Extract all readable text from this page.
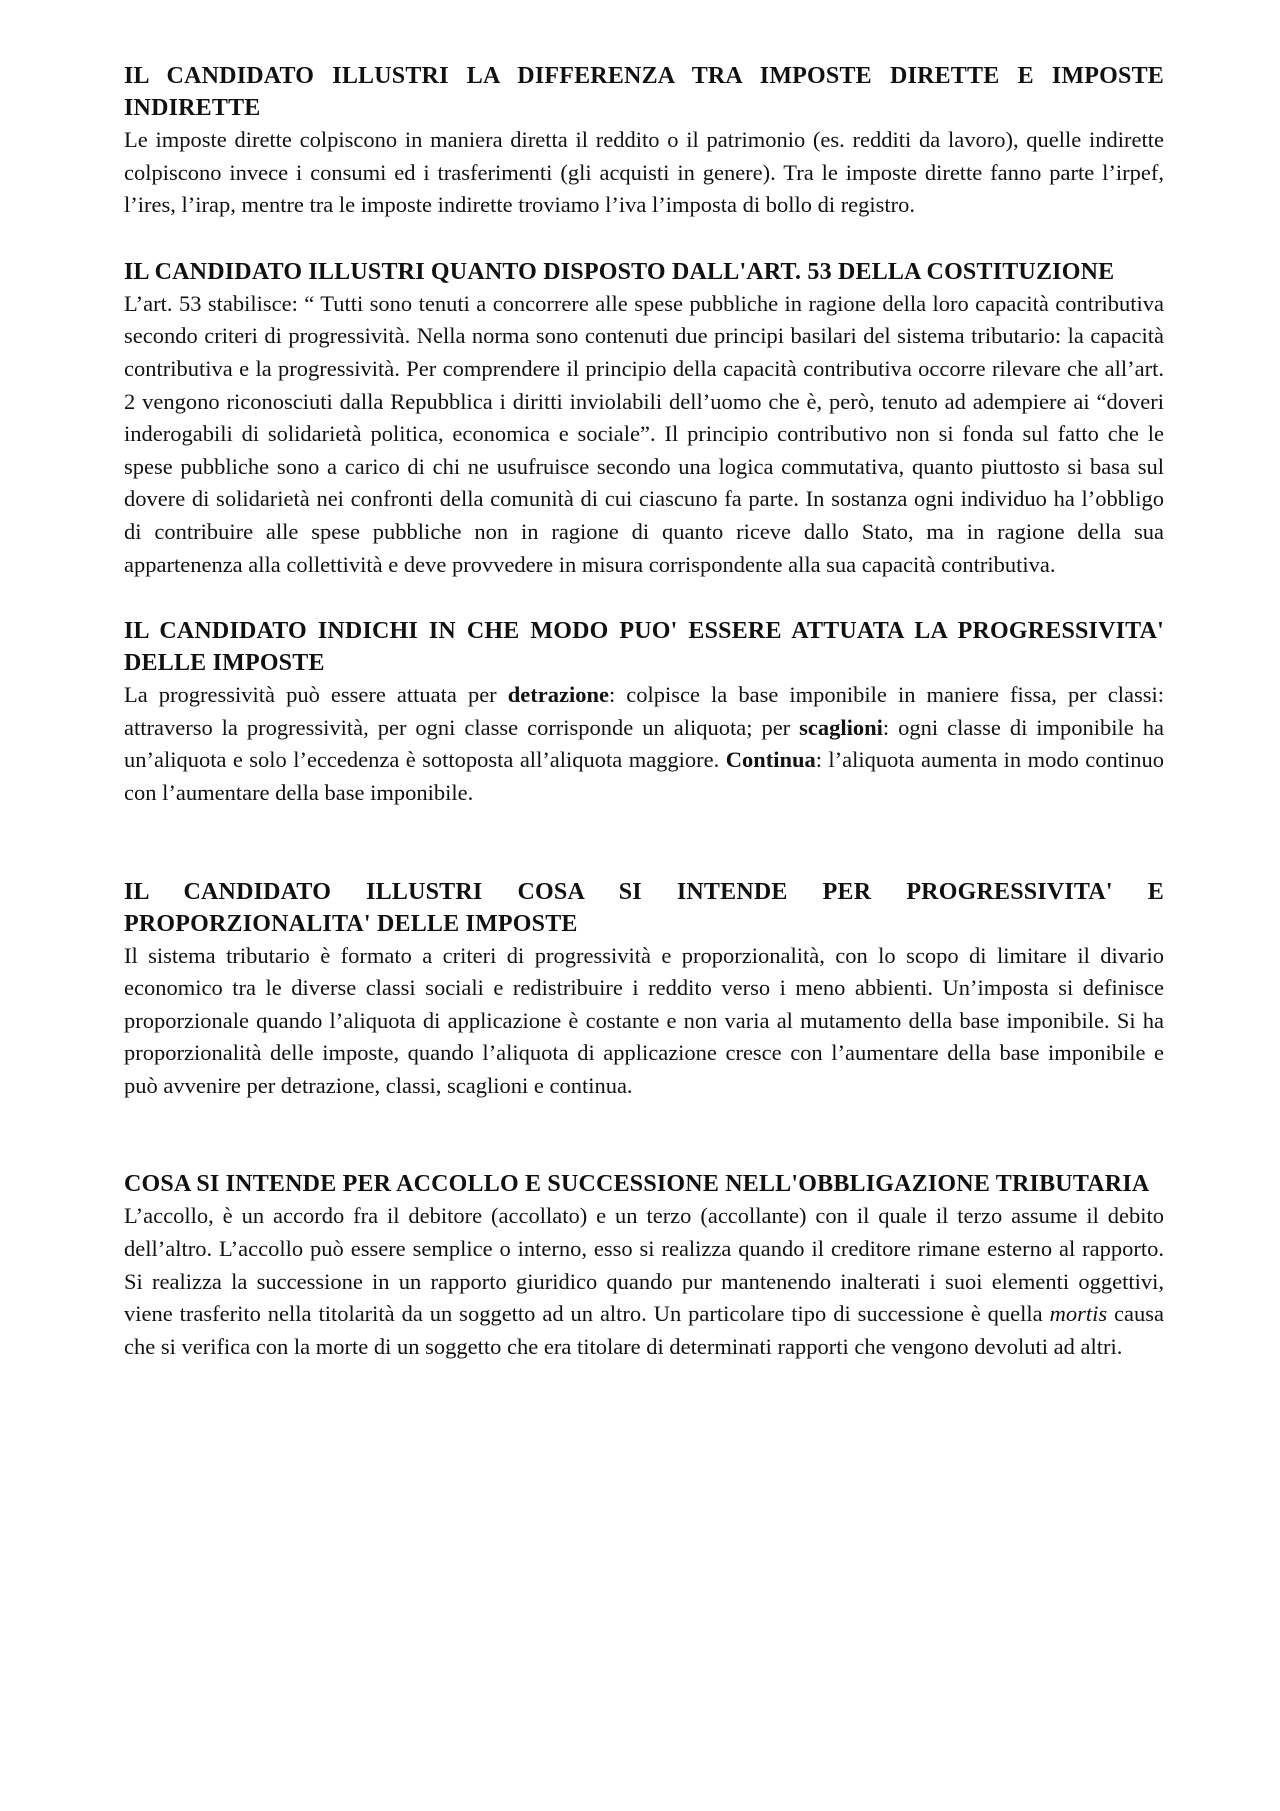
IL CANDIDATO ILLUSTRI LA DIFFERENZA TRA IMPOSTE DIRETTE E IMPOSTE INDIRETTE

Le imposte dirette colpiscono in maniera diretta il reddito o il patrimonio (es. redditi da lavoro), quelle indirette colpiscono invece i consumi ed i trasferimenti (gli acquisti in genere). Tra le imposte dirette fanno parte l’irpef, l’ires, l’irap, mentre tra le imposte indirette troviamo l’iva l’imposta di bollo di registro.

IL CANDIDATO ILLUSTRI QUANTO DISPOSTO DALL'ART. 53 DELLA COSTITUZIONE

L’art. 53 stabilisce: “ Tutti sono tenuti a concorrere alle spese pubbliche in ragione della loro capacità contributiva secondo criteri di progressività. Nella norma sono contenuti due principi basilari del sistema tributario: la capacità contributiva e la progressività. Per comprendere il principio della capacità contributiva occorre rilevare che all’art. 2 vengono riconosciuti dalla Repubblica i diritti inviolabili dell’uomo che è, però, tenuto ad adempiere ai “doveri inderogabili di solidarietà politica, economica e sociale”. Il principio contributivo non si fonda sul fatto che le spese pubbliche sono a carico di chi ne usufruisce secondo una logica commutativa, quanto piuttosto si basa sul dovere di solidarietà nei confronti della comunità di cui ciascuno fa parte. In sostanza ogni individuo ha l’obbligo di contribuire alle spese pubbliche non in ragione di quanto riceve dallo Stato, ma in ragione della sua appartenenza alla collettività e deve provvedere in misura corrispondente alla sua capacità contributiva.

IL CANDIDATO INDICHI IN CHE MODO PUO' ESSERE ATTUATA LA PROGRESSIVITA' DELLE IMPOSTE

La progressività può essere attuata per detrazione: colpisce la base imponibile in maniere fissa, per classi: attraverso la progressività, per ogni classe corrisponde un aliquota; per scaglioni: ogni classe di imponibile ha un’aliquota e solo l’eccedenza è sottoposta all’aliquota maggiore. Continua: l’aliquota aumenta in modo continuo con l’aumentare della base imponibile.

IL CANDIDATO ILLUSTRI COSA SI INTENDE PER PROGRESSIVITA' E PROPORZIONALITA' DELLE IMPOSTE

Il sistema tributario è formato a criteri di progressività e proporzionalità, con lo scopo di limitare il divario economico tra le diverse classi sociali e redistribuire i reddito verso i meno abbienti. Un’imposta si definisce proporzionale quando l’aliquota di applicazione è costante e non varia al mutamento della base imponibile. Si ha proporzionalità delle imposte, quando l’aliquota di applicazione cresce con l’aumentare della base imponibile e può avvenire per detrazione, classi, scaglioni e continua.

COSA SI INTENDE PER ACCOLLO E SUCCESSIONE NELL'OBBLIGAZIONE TRIBUTARIA

L’accollo, è un accordo fra il debitore (accollato) e un terzo (accollante) con il quale il terzo assume il debito dell’altro. L’accollo può essere semplice o interno, esso si realizza quando il creditore rimane esterno al rapporto. Si realizza la successione in un rapporto giuridico quando pur mantenendo inalterati i suoi elementi oggettivi, viene trasferito nella titolarità da un soggetto ad un altro. Un particolare tipo di successione è quella mortis causa che si verifica con la morte di un soggetto che era titolare di determinati rapporti che vengono devoluti ad altri.
